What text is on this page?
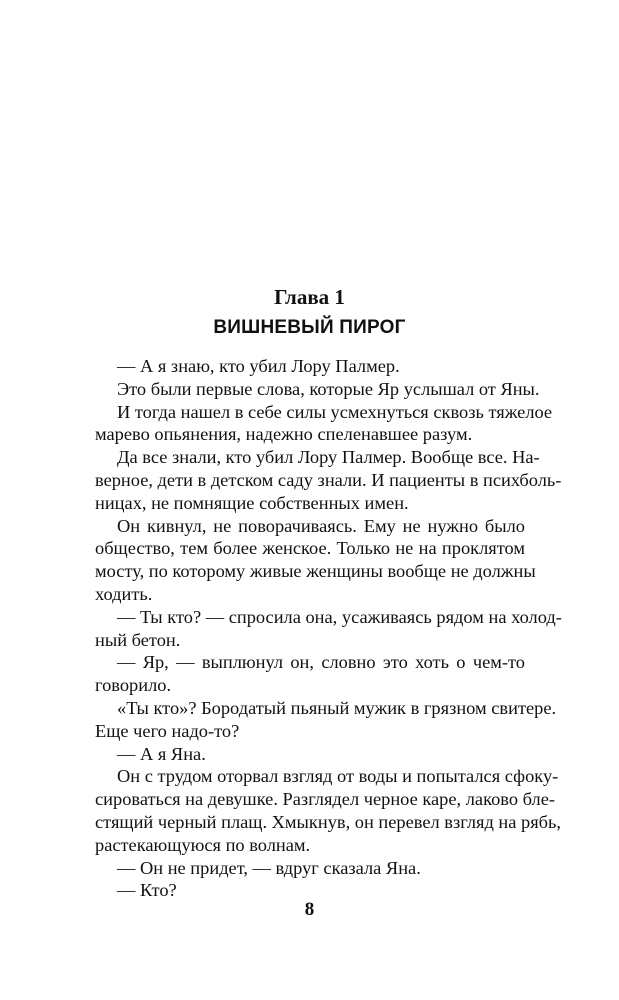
Глава 1
ВИШНЕВЫЙ ПИРОГ
— А я знаю, кто убил Лору Палмер.
Это были первые слова, которые Яр услышал от Яны.
И тогда нашел в себе силы усмехнуться сквозь тяжелое
марево опьянения, надежно спеленавшее разум.
Да все знали, кто убил Лору Палмер. Вообще все. На-
верное, дети в детском саду знали. И пациенты в психболь-
ницах, не помнящие собственных имен.
Он кивнул, не поворачиваясь. Ему не нужно было
общество, тем более женское. Только не на проклятом
мосту, по которому живые женщины вообще не должны
ходить.
— Ты кто? — спросила она, усаживаясь рядом на холод-
ный бетон.
— Яр, — выплюнул он, словно это хоть о чем-то
говорило.
«Ты кто»? Бородатый пьяный мужик в грязном свитере.
Еще чего надо-то?
— А я Яна.
Он с трудом оторвал взгляд от воды и попытался сфоку-
сироваться на девушке. Разглядел черное каре, лаково бле-
стящий черный плащ. Хмыкнув, он перевел взгляд на рябь,
растекающуюся по волнам.
— Он не придет, — вдруг сказала Яна.
— Кто?
8
